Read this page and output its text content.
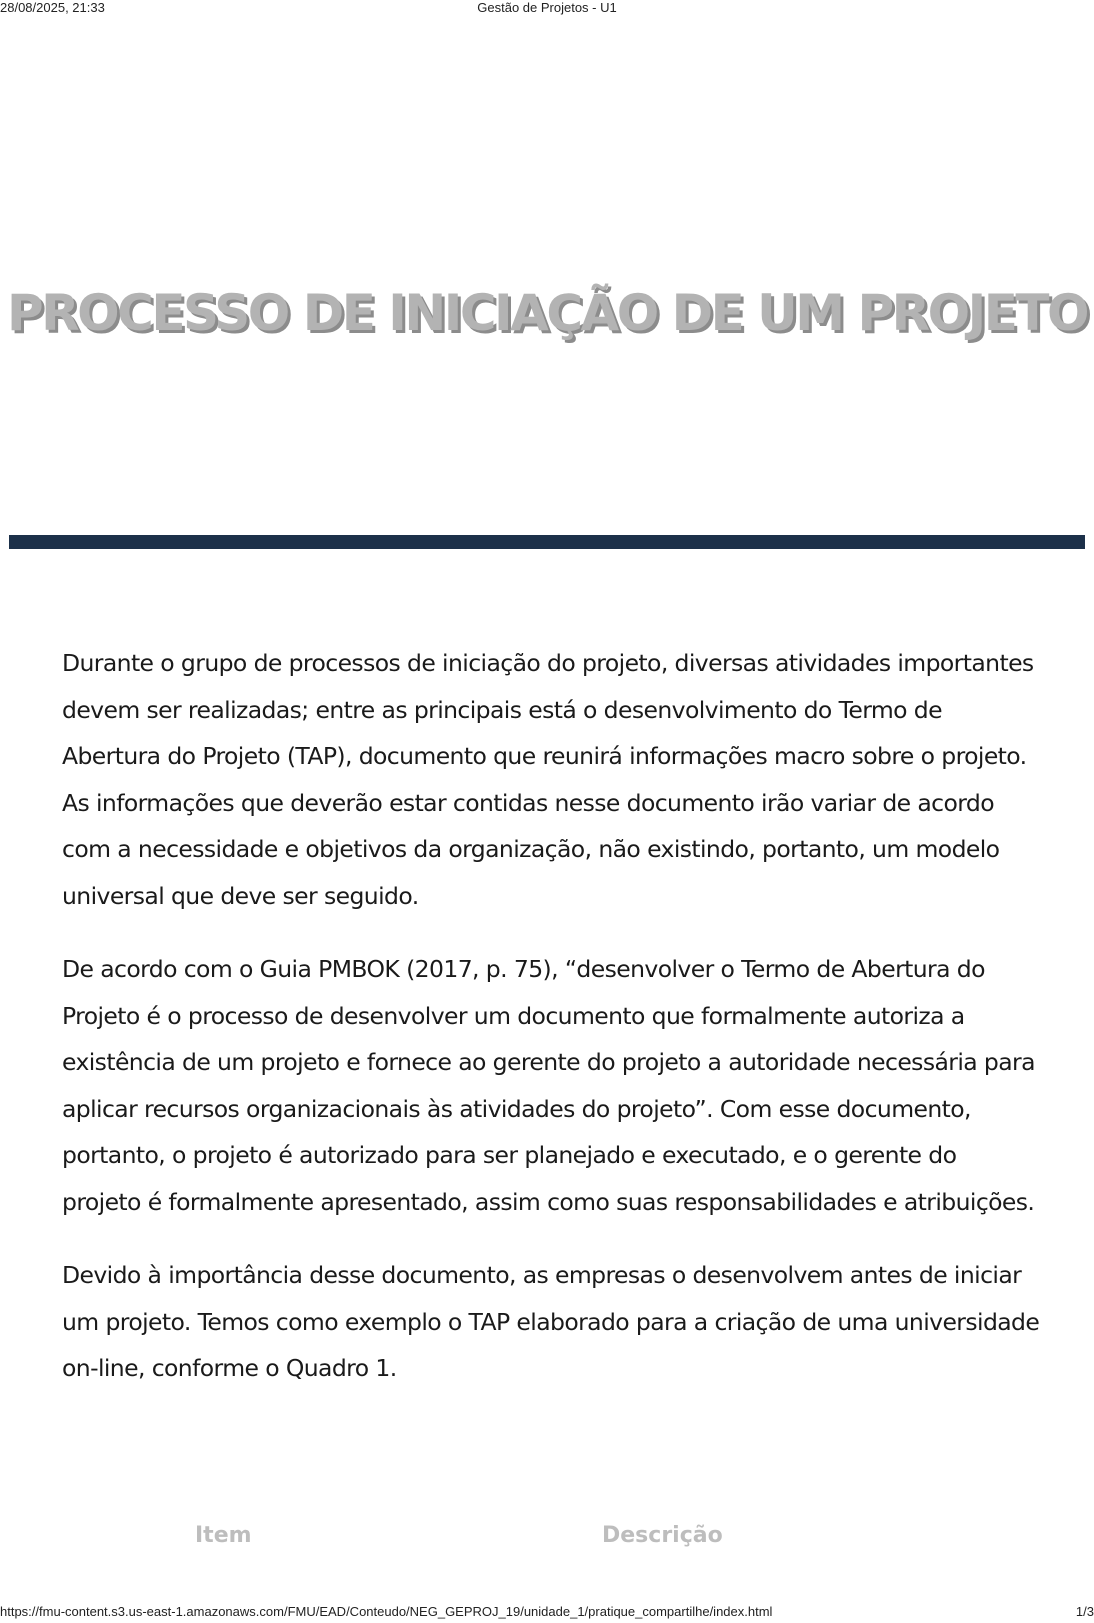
28/08/2025, 21:33	Gestão de Projetos - U1
PROCESSO DE INICIAÇÃO DE UM PROJETO

Durante o grupo de processos de iniciação do projeto, diversas atividades importantes devem ser realizadas; entre as principais está o desenvolvimento do Termo de Abertura do Projeto (TAP), documento que reunirá informações macro sobre o projeto. As informações que deverão estar contidas nesse documento irão variar de acordo com a necessidade e objetivos da organização, não existindo, portanto, um modelo universal que deve ser seguido.

De acordo com o Guia PMBOK (2017, p. 75), “desenvolver o Termo de Abertura do Projeto é o processo de desenvolver um documento que formalmente autoriza a existência de um projeto e fornece ao gerente do projeto a autoridade necessária para aplicar recursos organizacionais às atividades do projeto”. Com esse documento, portanto, o projeto é autorizado para ser planejado e executado, e o gerente do projeto é formalmente apresentado, assim como suas responsabilidades e atribuições.

Devido à importância desse documento, as empresas o desenvolvem antes de iniciar um projeto. Temos como exemplo o TAP elaborado para a criação de uma universidade on-line, conforme o Quadro 1.

Item	Descrição
https://fmu-content.s3.us-east-1.amazonaws.com/FMU/EAD/Conteudo/NEG_GEPROJ_19/unidade_1/pratique_compartilhe/index.html	1/3
